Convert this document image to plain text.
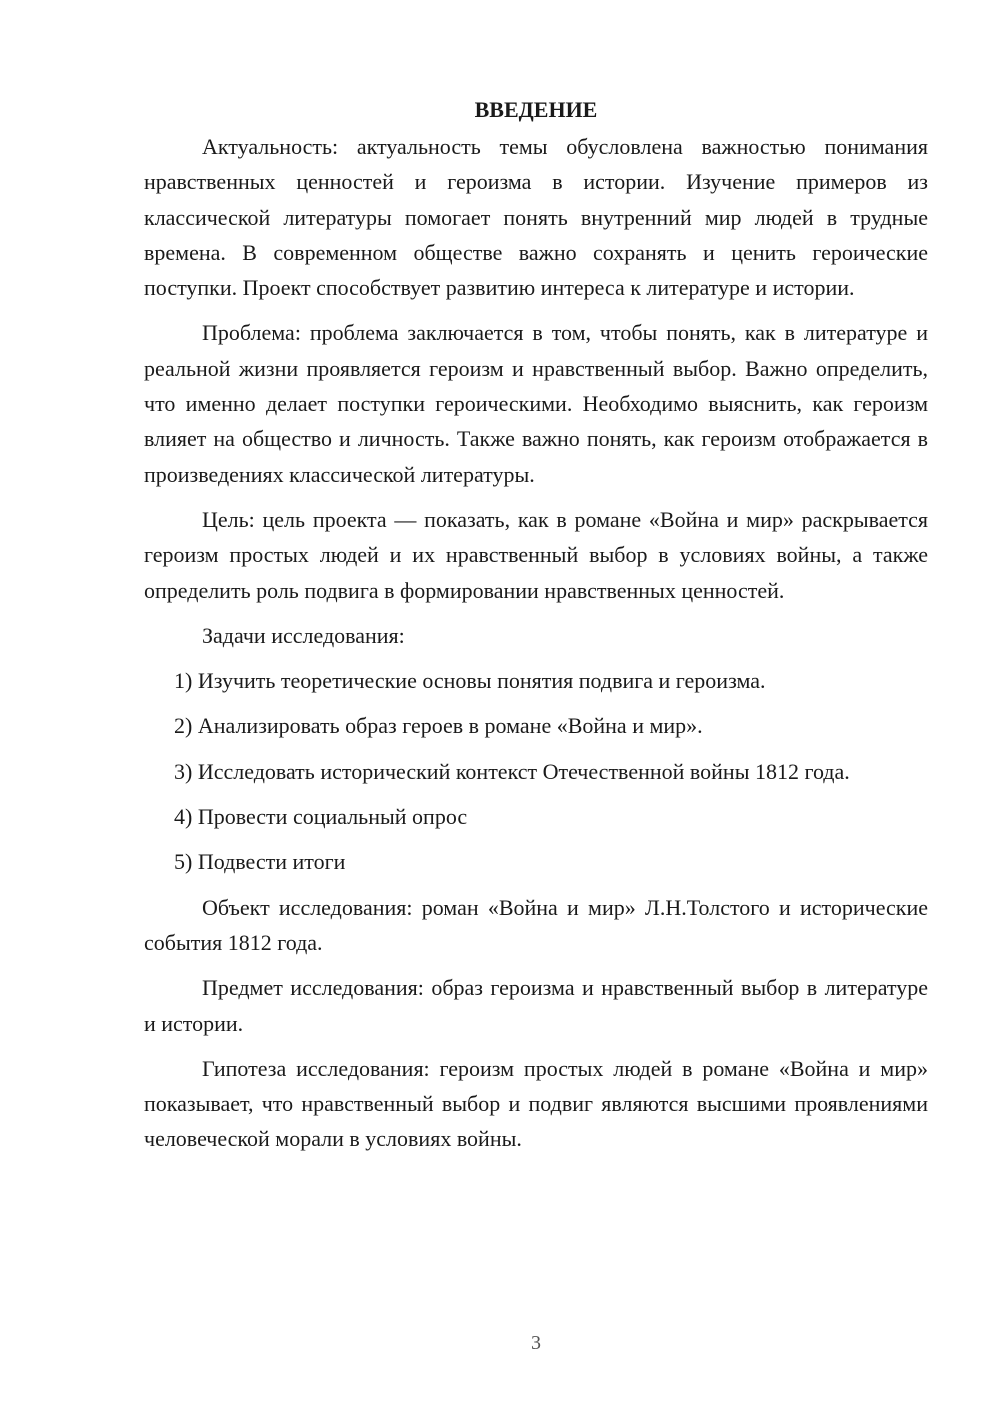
ВВЕДЕНИЕ

Актуальность: актуальность темы обусловлена важностью понимания нравственных ценностей и героизма в истории. Изучение примеров из классической литературы помогает понять внутренний мир людей в трудные времена. В современном обществе важно сохранять и ценить героические поступки. Проект способствует развитию интереса к литературе и истории.

Проблема: проблема заключается в том, чтобы понять, как в литературе и реальной жизни проявляется героизм и нравственный выбор. Важно определить, что именно делает поступки героическими. Необходимо выяснить, как героизм влияет на общество и личность. Также важно понять, как героизм отображается в произведениях классической литературы.

Цель: цель проекта — показать, как в романе «Война и мир» раскрывается героизм простых людей и их нравственный выбор в условиях войны, а также определить роль подвига в формировании нравственных ценностей.

Задачи исследования:

1) Изучить теоретические основы понятия подвига и героизма.

2) Анализировать образ героев в романе «Война и мир».

3) Исследовать исторический контекст Отечественной войны 1812 года.

4) Провести социальный опрос

5) Подвести итоги

Объект исследования: роман «Война и мир» Л.Н.Толстого и исторические события 1812 года.

Предмет исследования: образ героизма и нравственный выбор в литературе и истории.

Гипотеза исследования: героизм простых людей в романе «Война и мир» показывает, что нравственный выбор и подвиг являются высшими проявлениями человеческой морали в условиях войны.

3
